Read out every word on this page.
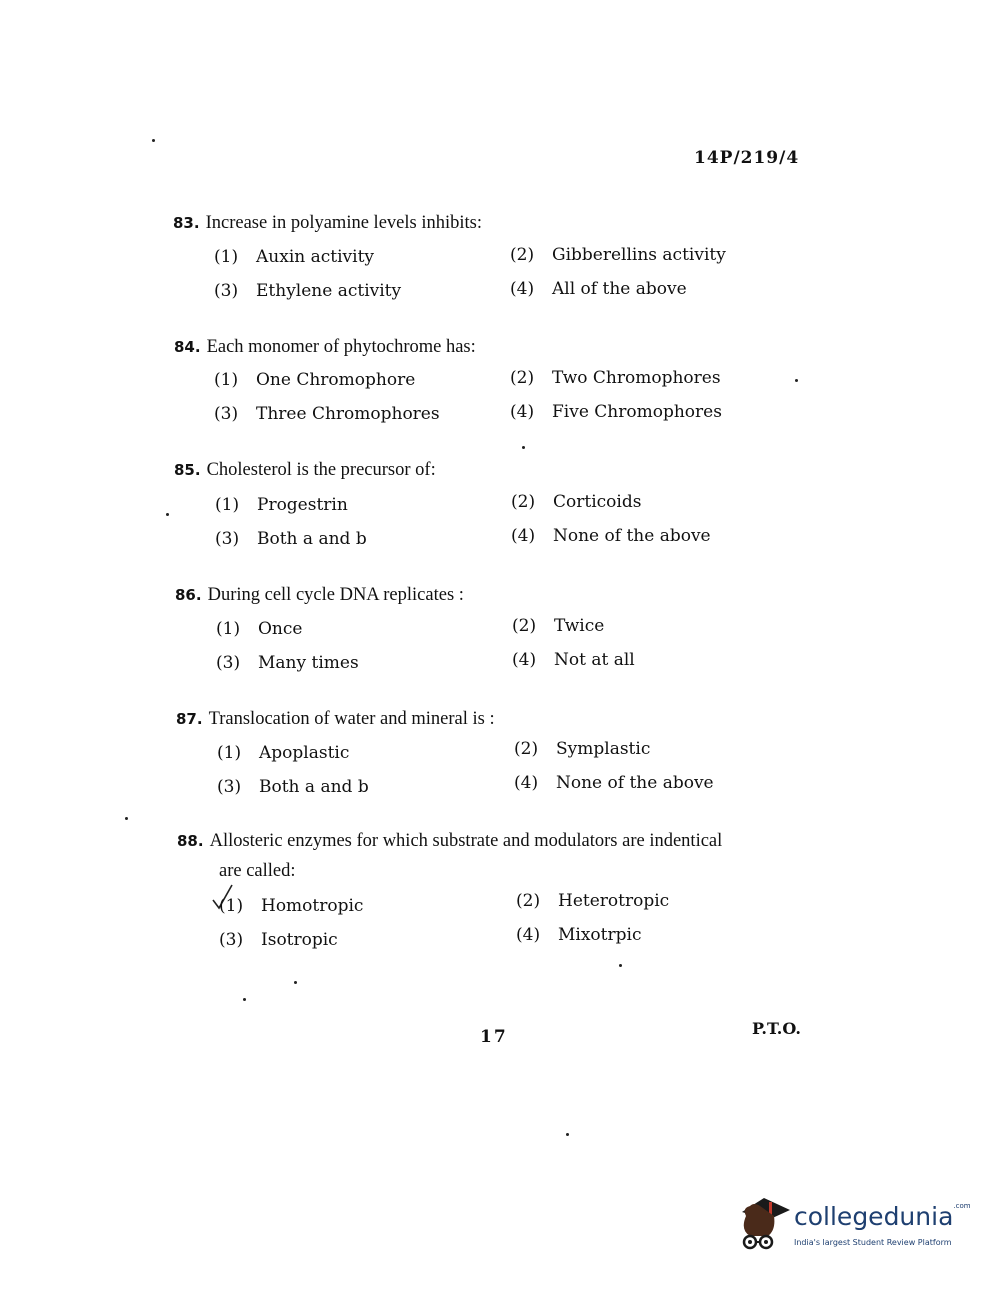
14P/219/4
83. Increase in polyamine levels inhibits:
(1) Auxin activity	(2) Gibberellins activity
(3) Ethylene activity	(4) All of the above
84. Each monomer of phytochrome has:
(1) One Chromophore	(2) Two Chromophores
(3) Three Chromophores	(4) Five Chromophores
85. Cholesterol is the precursor of:
(1) Progestrin	(2) Corticoids
(3) Both a and b	(4) None of the above
86. During cell cycle DNA replicates :
(1) Once	(2) Twice
(3) Many times	(4) Not at all
87. Translocation of water and mineral is :
(1) Apoplastic	(2) Symplastic
(3) Both a and b	(4) None of the above
88. Allosteric enzymes for which substrate and modulators are indentical
are called:
(1) Homotropic	(2) Heterotropic
(3) Isotropic	(4) Mixotrpic
17	P.T.O.
collegedunia$^{.com}$
India's largest Student Review Platform
